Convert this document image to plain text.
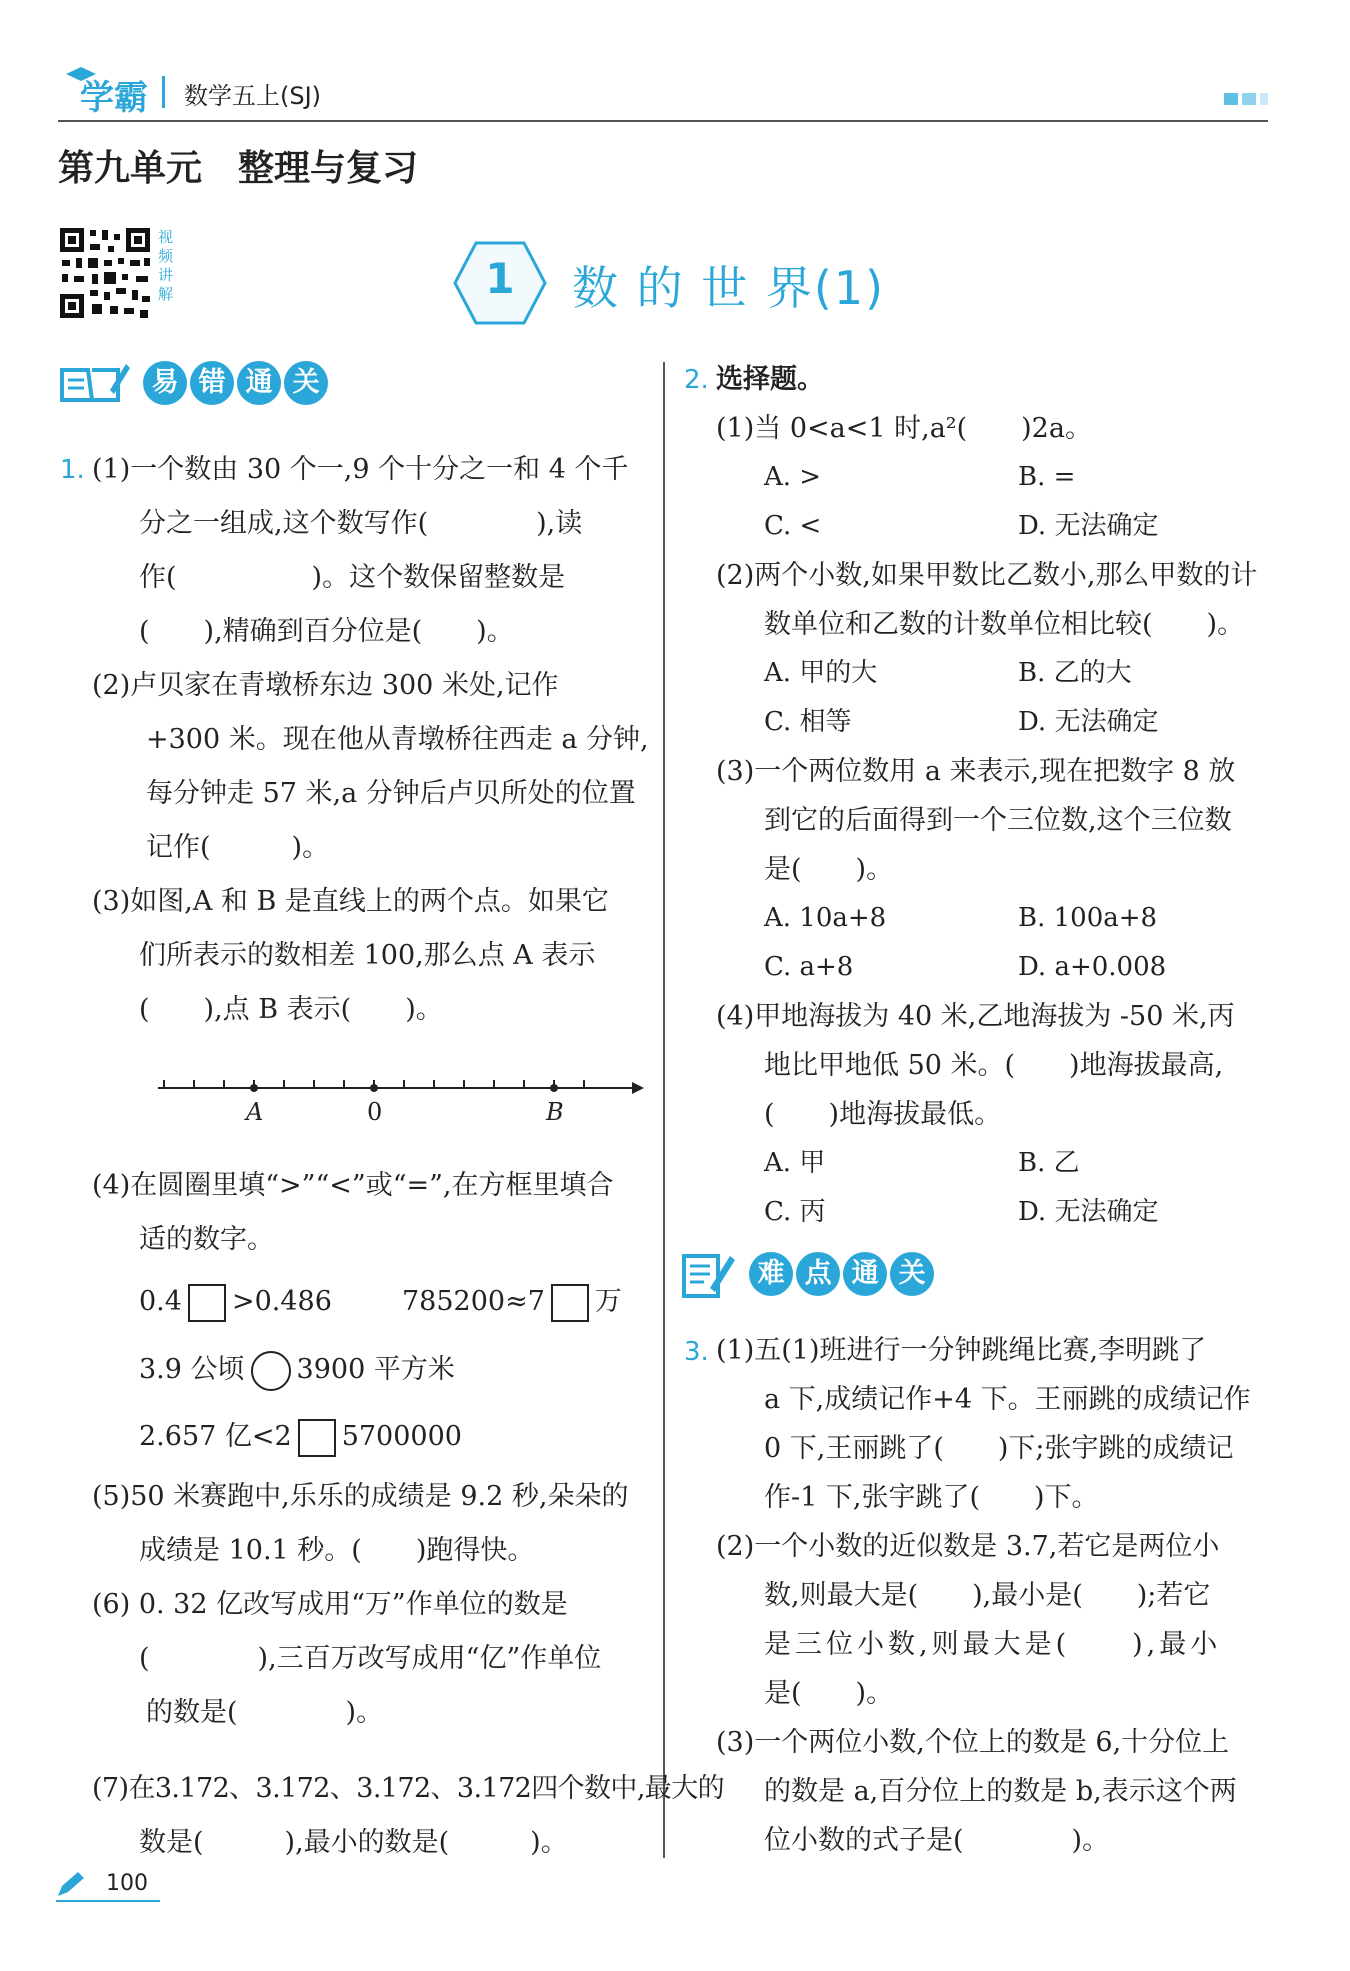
学霸 数学五上(SJ)
第九单元　整理与复习
视频讲解	1	数 的 世 界(1)
易 错 通 关
1. (1)一个数由 30 个一,9 个十分之一和 4 个千
分之一组成,这个数写作(　　　　),读
作(　　　　　)。这个数保留整数是
(　　),精确到百分位是(　　)。
(2)卢贝家在青墩桥东边 300 米处,记作
+300 米。现在他从青墩桥往西走 a 分钟,
每分钟走 57 米,a 分钟后卢贝所处的位置
记作(　　　)。
(3)如图,A 和 B 是直线上的两个点。如果它
们所表示的数相差 100,那么点 A 表示
(　　),点 B 表示(　　)。
A	0	B
(4)在圆圈里填“>”“<”或“=”,在方框里填合
适的数字。
0.4 >0.486	785200≈7 万
3.9 公顷 3900 平方米
2.657 亿<2 5700000
(5)50 米赛跑中,乐乐的成绩是 9.2 秒,朵朵的
成绩是 10.1 秒。(　　)跑得快。
(6) 0. 32 亿改写成用“万”作单位的数是
(　　　　),三百万改写成用“亿”作单位
的数是(　　　　)。
(7)在3.172、3.172、3.172、3.172四个数中,最大的
数是(　　　),最小的数是(　　　)。
2. 选择题。
(1)当 0<a<1 时,a²(　　)2a。
A. >	B. =
C. <	D. 无法确定
(2)两个小数,如果甲数比乙数小,那么甲数的计
数单位和乙数的计数单位相比较(　　)。
A. 甲的大	B. 乙的大
C. 相等	D. 无法确定
(3)一个两位数用 a 来表示,现在把数字 8 放
到它的后面得到一个三位数,这个三位数
是(　　)。
A. 10a+8	B. 100a+8
C. a+8	D. a+0.008
(4)甲地海拔为 40 米,乙地海拔为 -50 米,丙
地比甲地低 50 米。(　　)地海拔最高,
(　　)地海拔最低。
A. 甲	B. 乙
C. 丙	D. 无法确定
难 点 通 关
3. (1)五(1)班进行一分钟跳绳比赛,李明跳了
a 下,成绩记作+4 下。王丽跳的成绩记作
0 下,王丽跳了(　　)下;张宇跳的成绩记
作-1 下,张宇跳了(　　)下。
(2)一个小数的近似数是 3.7,若它是两位小
数,则最大是(　　),最小是(　　);若它
是三位小数,则最大是(　　),最小
是(　　)。
(3)一个两位小数,个位上的数是 6,十分位上
的数是 a,百分位上的数是 b,表示这个两
位小数的式子是(　　　　)。
100
